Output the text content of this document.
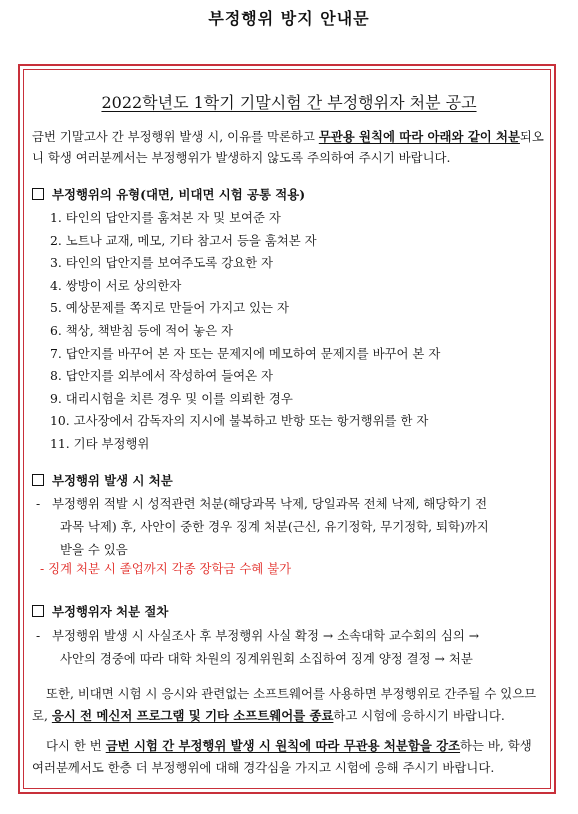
부정행위 방지 안내문
2022학년도 1학기 기말시험 간 부정행위자 처분 공고
금번 기말고사 간 부정행위 발생 시, 이유를 막론하고 무관용 원칙에 따라 아래와 같이 처분되오니 학생 여러분께서는 부정행위가 발생하지 않도록 주의하여 주시기 바랍니다.
부정행위의 유형(대면, 비대면 시험 공통 적용)
1. 타인의 답안지를 훔쳐본 자 및 보여준 자
2. 노트나 교재, 메모, 기타 참고서 등을 훔쳐본 자
3. 타인의 답안지를 보여주도록 강요한 자
4. 쌍방이 서로 상의한자
5. 예상문제를 쪽지로 만들어 가지고 있는 자
6. 책상, 책받침 등에 적어 놓은 자
7. 답안지를 바꾸어 본 자 또는 문제지에 메모하여 문제지를 바꾸어 본 자
8. 답안지를 외부에서 작성하여 들여온 자
9. 대리시험을 치른 경우 및 이를 의뢰한 경우
10. 고사장에서 감독자의 지시에 불복하고 반항 또는 항거행위를 한 자
11. 기타 부정행위
부정행위 발생 시 처분
- 부정행위 적발 시 성적관련 처분(해당과목 낙제, 당일과목 전체 낙제, 해당학기 전
과목 낙제) 후, 사안이 중한 경우 징계 처분(근신, 유기정학, 무기정학, 퇴학)까지
받을 수 있음
- 징계 처분 시 졸업까지 각종 장학금 수혜 불가
부정행위자 처분 절차
- 부정행위 발생 시 사실조사 후 부정행위 사실 확정 → 소속대학 교수회의 심의 →
사안의 경중에 따라 대학 차원의 징계위원회 소집하여 징계 양정 결정 → 처분
또한, 비대면 시험 시 응시와 관련없는 소프트웨어를 사용하면 부정행위로 간주될 수 있으므로, 응시 전 메신저 프로그램 및 기타 소프트웨어를 종료하고 시험에 응하시기 바랍니다.
다시 한 번 금번 시험 간 부정행위 발생 시 원칙에 따라 무관용 처분함을 강조하는 바, 학생 여러분께서도 한층 더 부정행위에 대해 경각심을 가지고 시험에 응해 주시기 바랍니다.
